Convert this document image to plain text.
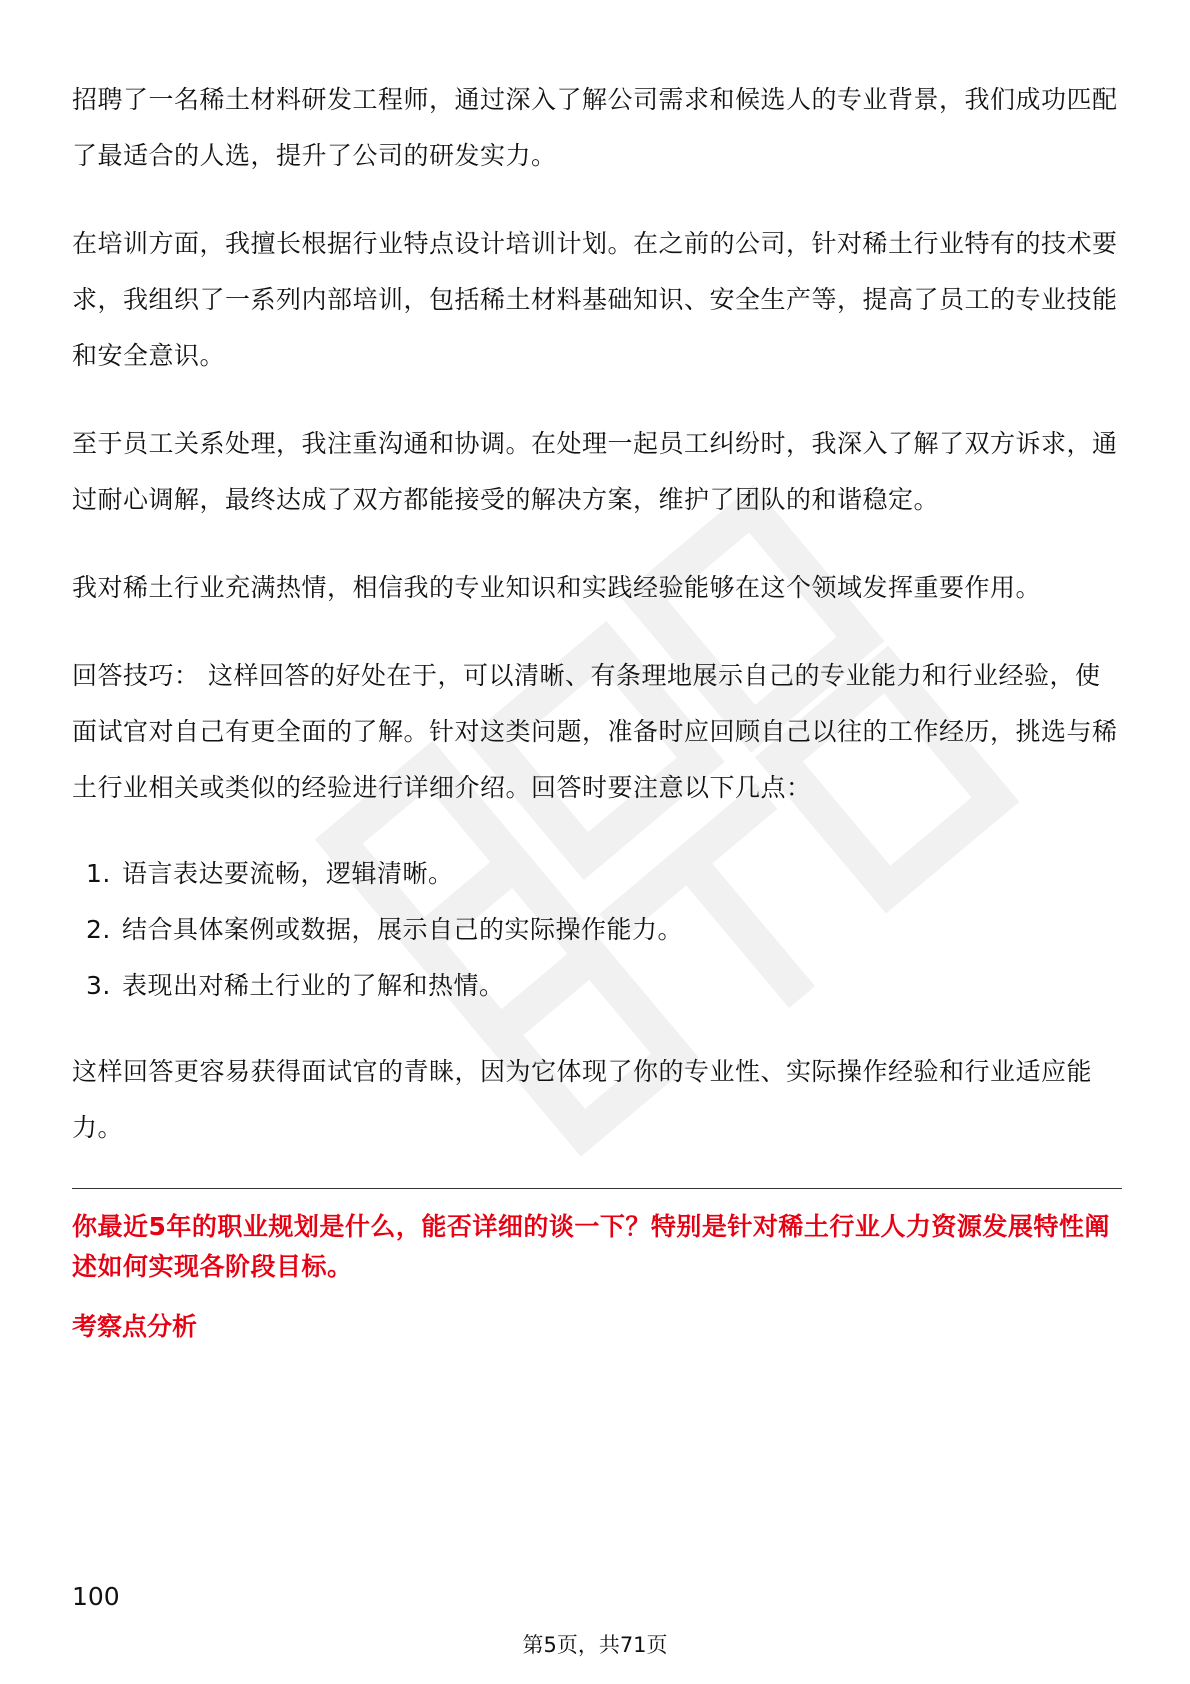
招聘了一名稀土材料研发工程师，通过深入了解公司需求和候选人的专业背景，我们成功匹配了最适合的人选，提升了公司的研发实力。

在培训方面，我擅长根据行业特点设计培训计划。在之前的公司，针对稀土行业特有的技术要求，我组织了一系列内部培训，包括稀土材料基础知识、安全生产等，提高了员工的专业技能和安全意识。

至于员工关系处理，我注重沟通和协调。在处理一起员工纠纷时，我深入了解了双方诉求，通过耐心调解，最终达成了双方都能接受的解决方案，维护了团队的和谐稳定。

我对稀土行业充满热情，相信我的专业知识和实践经验能够在这个领域发挥重要作用。

回答技巧： 这样回答的好处在于，可以清晰、有条理地展示自己的专业能力和行业经验，使面试官对自己有更全面的了解。针对这类问题，准备时应回顾自己以往的工作经历，挑选与稀土行业相关或类似的经验进行详细介绍。回答时要注意以下几点：

1. 语言表达要流畅，逻辑清晰。
2. 结合具体案例或数据，展示自己的实际操作能力。
3. 表现出对稀土行业的了解和热情。

这样回答更容易获得面试官的青睐，因为它体现了你的专业性、实际操作经验和行业适应能力。

你最近5年的职业规划是什么，能否详细的谈一下？特别是针对稀土行业人力资源发展特性阐述如何实现各阶段目标。

考察点分析

100
第5页，共71页
